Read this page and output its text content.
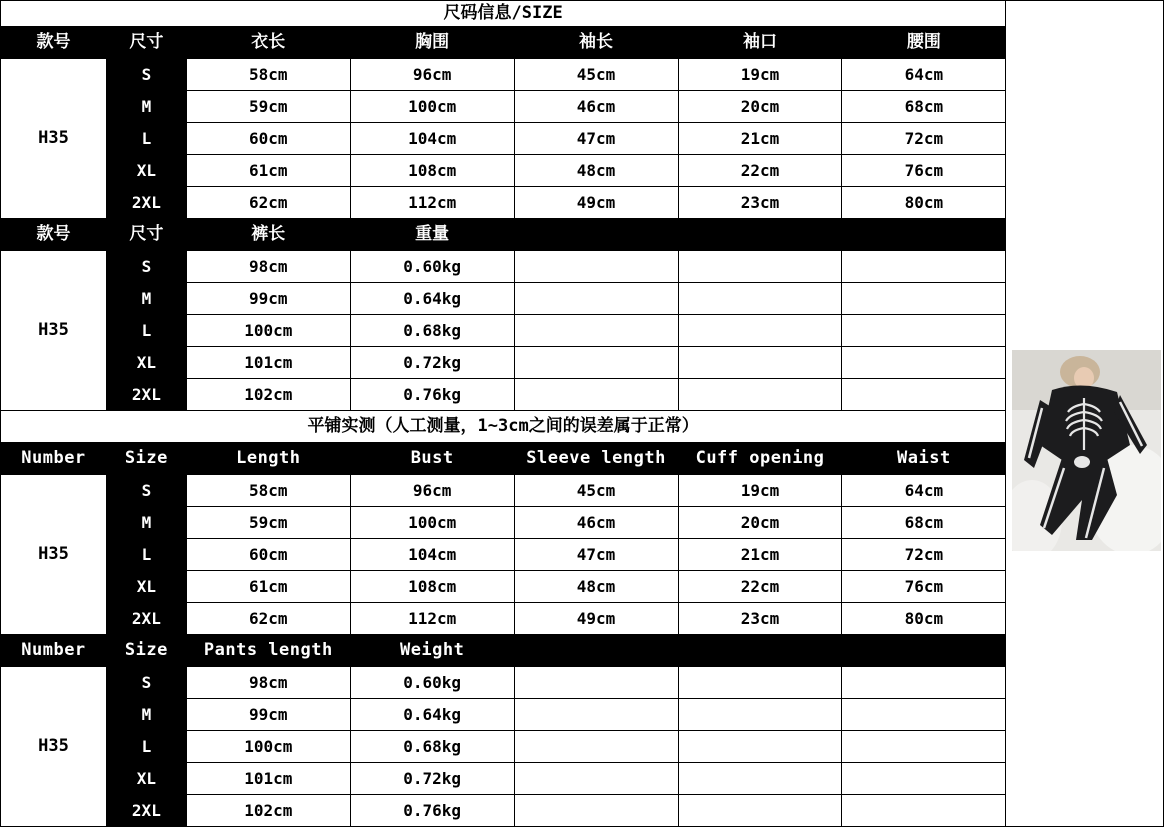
尺码信息/SIZE							
款号	尺寸	衣长	胸围	袖长	袖口	腰围	
H35	S	58cm	96cm	45cm	19cm	64cm	
	M	59cm	100cm	46cm	20cm	68cm	
	L	60cm	104cm	47cm	21cm	72cm	
	XL	61cm	108cm	48cm	22cm	76cm	
	2XL	62cm	112cm	49cm	23cm	80cm	
款号	尺寸	裤长	重量				
H35	S	98cm	0.60kg				
	M	99cm	0.64kg				
	L	100cm	0.68kg				
	XL	101cm	0.72kg				
	2XL	102cm	0.76kg				
平铺实测（人工测量，1~3cm之间的误差属于正常）							
Number	Size	Length	Bust	Sleeve length	Cuff opening	Waist	
H35	S	58cm	96cm	45cm	19cm	64cm	
	M	59cm	100cm	46cm	20cm	68cm	
	L	60cm	104cm	47cm	21cm	72cm	
	XL	61cm	108cm	48cm	22cm	76cm	
	2XL	62cm	112cm	49cm	23cm	80cm	
Number	Size	Pants length	Weight				
H35	S	98cm	0.60kg				
	M	99cm	0.64kg				
	L	100cm	0.68kg				
	XL	101cm	0.72kg				
	2XL	102cm	0.76kg				
